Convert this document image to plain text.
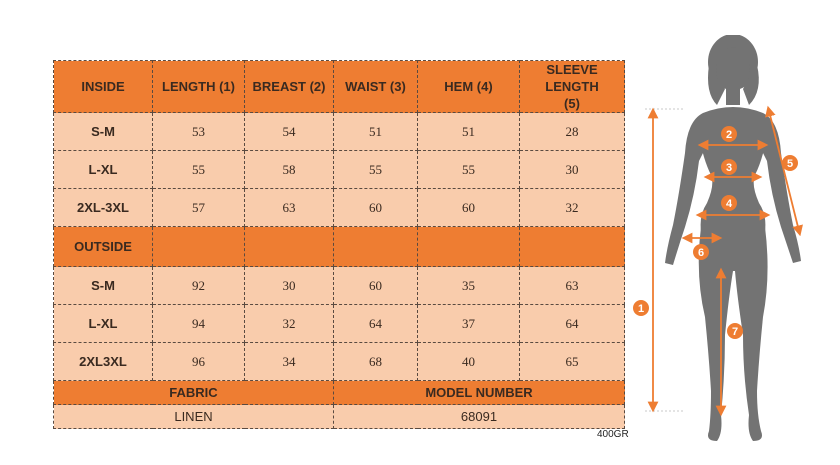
INSIDE	LENGTH (1)	BREAST (2)	WAIST (3)	HEM (4)	SLEEVE LENGTH (5)
S-M	53	54	51	51	28
L-XL	55	58	55	55	30
2XL-3XL	57	63	60	60	32
OUTSIDE					
S-M	92	30	60	35	63
L-XL	94	32	64	37	64
2XL3XL	96	34	68	40	65
FABRIC			MODEL NUMBER		
LINEN			68091		
400GR
1
2
3
4
5
6
7
